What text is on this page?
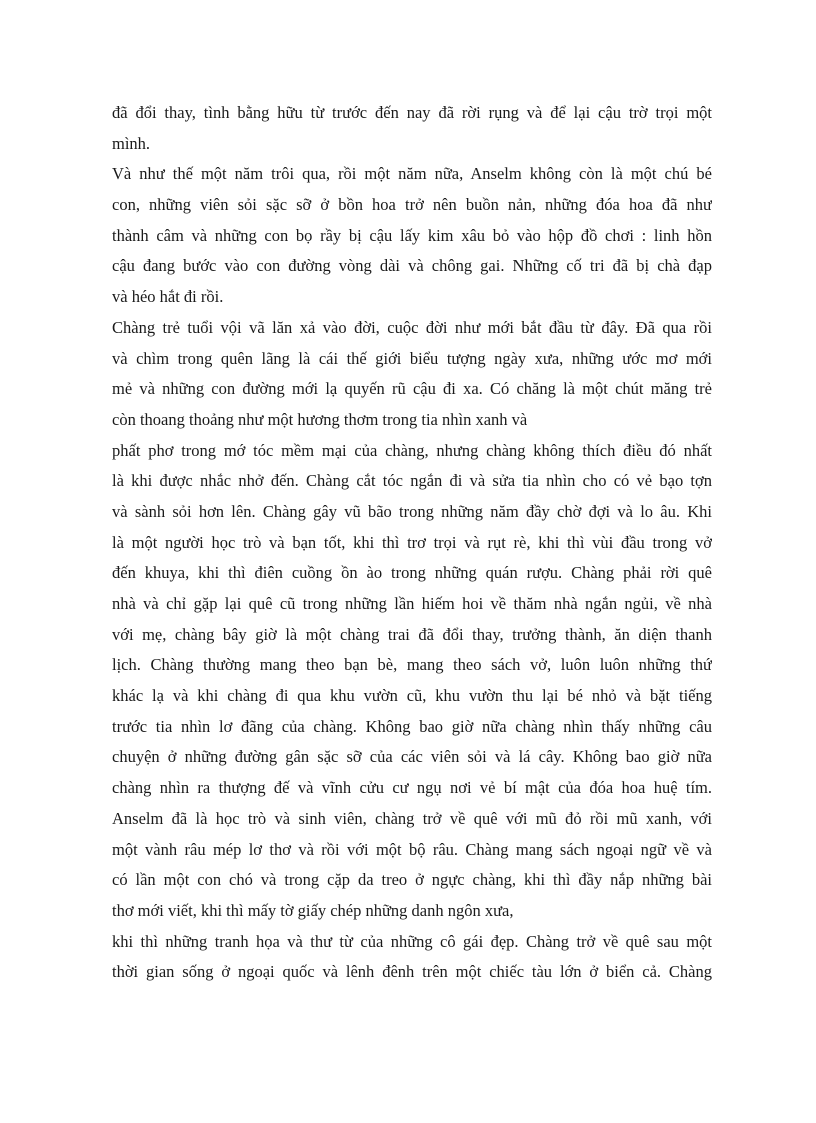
đã đổi thay, tình bằng hữu từ trước đến nay đã rời rụng và để lại cậu trờ trọi một
mình.
Và như thế một năm trôi qua, rồi một năm nữa, Anselm không còn là một chú bé
con, những viên sỏi sặc sỡ ở bồn hoa trở nên buồn nản, những đóa hoa đã như
thành câm và những con bọ rầy bị cậu lấy kim xâu bỏ vào hộp đồ chơi : linh hồn
cậu đang bước vào con đường vòng dài và chông gai. Những cố tri đã bị chà đạp
và héo hắt đi rồi.
Chàng trẻ tuổi vội vã lăn xả vào đời, cuộc đời như mới bắt đầu từ đây. Đã qua rồi
và chìm trong quên lãng là cái thế giới biểu tượng ngày xưa, những ước mơ mới
mẻ và những con đường mới lạ quyến rũ cậu đi xa. Có chăng là một chút măng trẻ
còn thoang thoảng như một hương thơm trong tia nhìn xanh và
phất phơ trong mớ tóc mềm mại của chàng, nhưng chàng không thích điều đó nhất
là khi được nhắc nhở đến. Chàng cắt tóc ngắn đi và sửa tia nhìn cho có vẻ bạo tợn
và sành sỏi hơn lên. Chàng gây vũ bão trong những năm đầy chờ đợi và lo âu. Khi
là một người học trò và bạn tốt, khi thì trơ trọi và rụt rè, khi thì vùi đầu trong vở
đến khuya, khi thì điên cuồng ồn ào trong những quán rượu. Chàng phải rời quê
nhà và chỉ gặp lại quê cũ trong những lần hiếm hoi về thăm nhà ngắn ngủi, về nhà
với mẹ, chàng bây giờ là một chàng trai đã đổi thay, trưởng thành, ăn diện thanh
lịch. Chàng thường mang theo bạn bè, mang theo sách vở, luôn luôn những thứ
khác lạ và khi chàng đi qua khu vườn cũ, khu vườn thu lại bé nhỏ và bặt tiếng
trước tia nhìn lơ đãng của chàng. Không bao giờ nữa chàng nhìn thấy những câu
chuyện ở những đường gân sặc sỡ của các viên sỏi và lá cây. Không bao giờ nữa
chàng nhìn ra thượng đế và vĩnh cửu cư ngụ nơi vẻ bí mật của đóa hoa huệ tím.
Anselm đã là học trò và sinh viên, chàng trở về quê với mũ đỏ rồi mũ xanh, với
một vành râu mép lơ thơ và rồi với một bộ râu. Chàng mang sách ngoại ngữ về và
có lần một con chó và trong cặp da treo ở ngực chàng, khi thì đầy nắp những bài
thơ mới viết, khi thì mấy tờ giấy chép những danh ngôn xưa,
khi thì những tranh họa và thư từ của những cô gái đẹp. Chàng trở về quê sau một
thời gian sống ở ngoại quốc và lênh đênh trên một chiếc tàu lớn ở biển cả. Chàng
